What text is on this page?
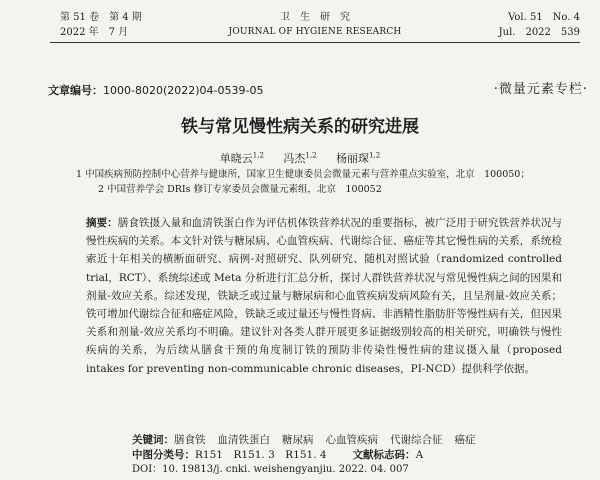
第 51 卷　第 4 期
2022 年　7 月
卫　生　研　究
JOURNAL OF HYGIENE RESEARCH
Vol. 51　No. 4
Jul.　2022　539
文章编号：1000-8020(2022)04-0539-05	·微量元素专栏·
铁与常见慢性病关系的研究进展
单晓云$^{1,2}$ 冯杰$^{1,2}$ 杨丽琛$^{1,2}$
1 中国疾病预防控制中心营养与健康所，国家卫生健康委员会微量元素与营养重点实验室，北京　100050；
2 中国营养学会 DRIs 修订专家委员会微量元素组，北京　100052
摘要：膳食铁摄入量和血清铁蛋白作为评估机体铁营养状况的重要指标，被广泛用于研究铁营养状况与慢性疾病的关系。本文针对铁与糖尿病、心血管疾病、代谢综合征、癌症等其它慢性病的关系，系统检索近十年相关的横断面研究、病例-对照研究、队列研究、随机对照试验（randomized controlled trial，RCT）、系统综述或 Meta 分析进行汇总分析，探讨人群铁营养状况与常见慢性病之间的因果和剂量-效应关系。综述发现，铁缺乏或过量与糖尿病和心血管疾病发病风险有关，且呈剂量-效应关系；铁可增加代谢综合征和癌症风险，铁缺乏或过量还与慢性肾病、非酒精性脂肪肝等慢性病有关，但因果关系和剂量-效应关系均不明确。建议针对各类人群开展更多证据级别较高的相关研究，明确铁与慢性疾病的关系，为后续从膳食干预的角度制订铁的预防非传染性慢性病的建议摄入量（proposed intakes for preventing non-communicable chronic diseases，PI-NCD）提供科学依据。
关键词：膳食铁 血清铁蛋白 糖尿病 心血管疾病 代谢综合征 癌症
中图分类号：R151　R151. 3　R151. 4 文献标志码：A
DOI：10. 19813/j. cnki. weishengyanjiu. 2022. 04. 007
